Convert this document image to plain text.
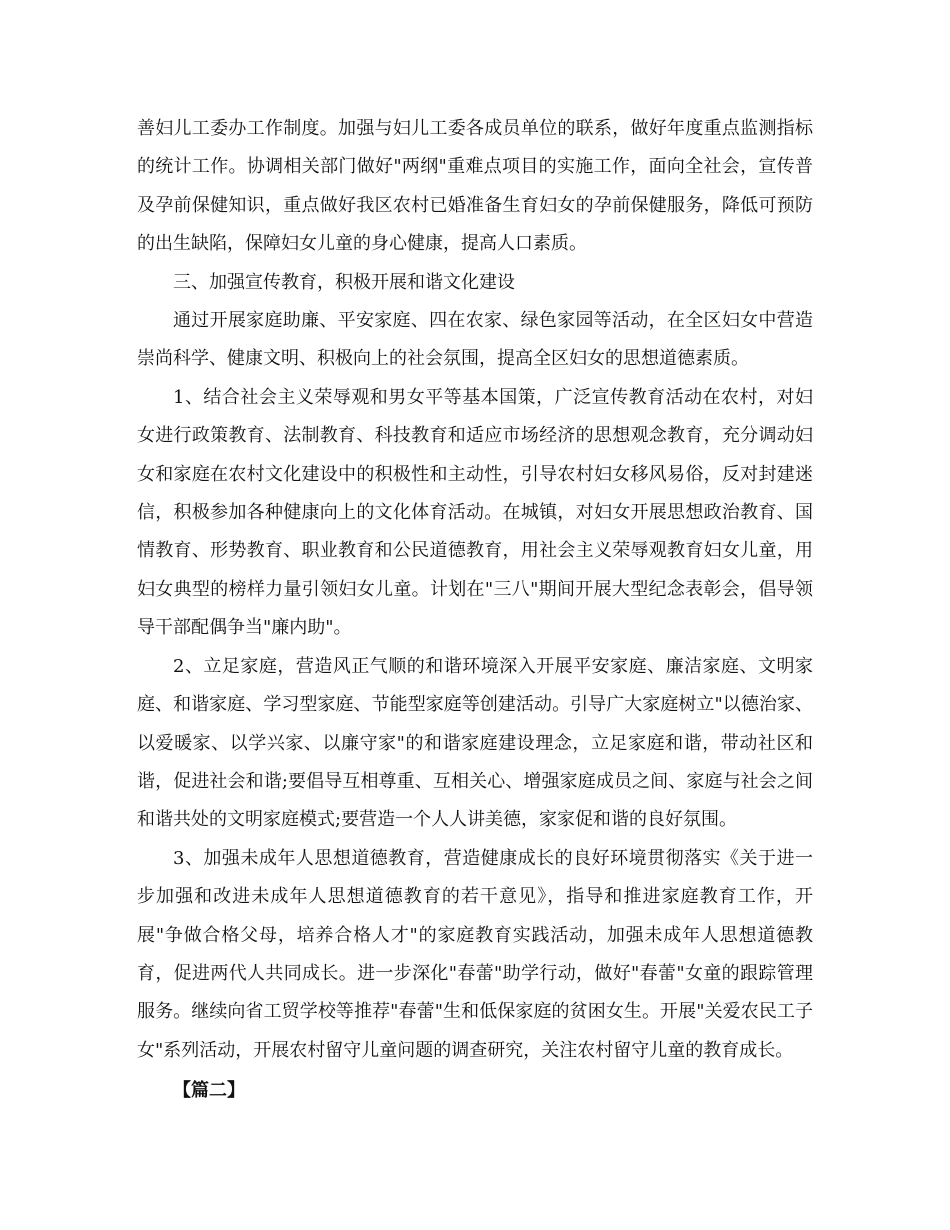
善妇儿工委办工作制度。加强与妇儿工委各成员单位的联系，做好年度重点监测指标的统计工作。协调相关部门做好"两纲"重难点项目的实施工作，面向全社会，宣传普及孕前保健知识，重点做好我区农村已婚准备生育妇女的孕前保健服务，降低可预防的出生缺陷，保障妇女儿童的身心健康，提高人口素质。

三、加强宣传教育，积极开展和谐文化建设

通过开展家庭助廉、平安家庭、四在农家、绿色家园等活动，在全区妇女中营造崇尚科学、健康文明、积极向上的社会氛围，提高全区妇女的思想道德素质。

1、结合社会主义荣辱观和男女平等基本国策，广泛宣传教育活动在农村，对妇女进行政策教育、法制教育、科技教育和适应市场经济的思想观念教育，充分调动妇女和家庭在农村文化建设中的积极性和主动性，引导农村妇女移风易俗，反对封建迷信，积极参加各种健康向上的文化体育活动。在城镇，对妇女开展思想政治教育、国情教育、形势教育、职业教育和公民道德教育，用社会主义荣辱观教育妇女儿童，用妇女典型的榜样力量引领妇女儿童。计划在"三八"期间开展大型纪念表彰会，倡导领导干部配偶争当"廉内助"。

2、立足家庭，营造风正气顺的和谐环境深入开展平安家庭、廉洁家庭、文明家庭、和谐家庭、学习型家庭、节能型家庭等创建活动。引导广大家庭树立"以德治家、以爱暖家、以学兴家、以廉守家"的和谐家庭建设理念，立足家庭和谐，带动社区和谐，促进社会和谐;要倡导互相尊重、互相关心、增强家庭成员之间、家庭与社会之间和谐共处的文明家庭模式;要营造一个人人讲美德，家家促和谐的良好氛围。

3、加强未成年人思想道德教育，营造健康成长的良好环境贯彻落实《关于进一步加强和改进未成年人思想道德教育的若干意见》，指导和推进家庭教育工作，开展"争做合格父母，培养合格人才"的家庭教育实践活动，加强未成年人思想道德教育，促进两代人共同成长。进一步深化"春蕾"助学行动，做好"春蕾"女童的跟踪管理服务。继续向省工贸学校等推荐"春蕾"生和低保家庭的贫困女生。开展"关爱农民工子女"系列活动，开展农村留守儿童问题的调查研究，关注农村留守儿童的教育成长。

【篇二】
